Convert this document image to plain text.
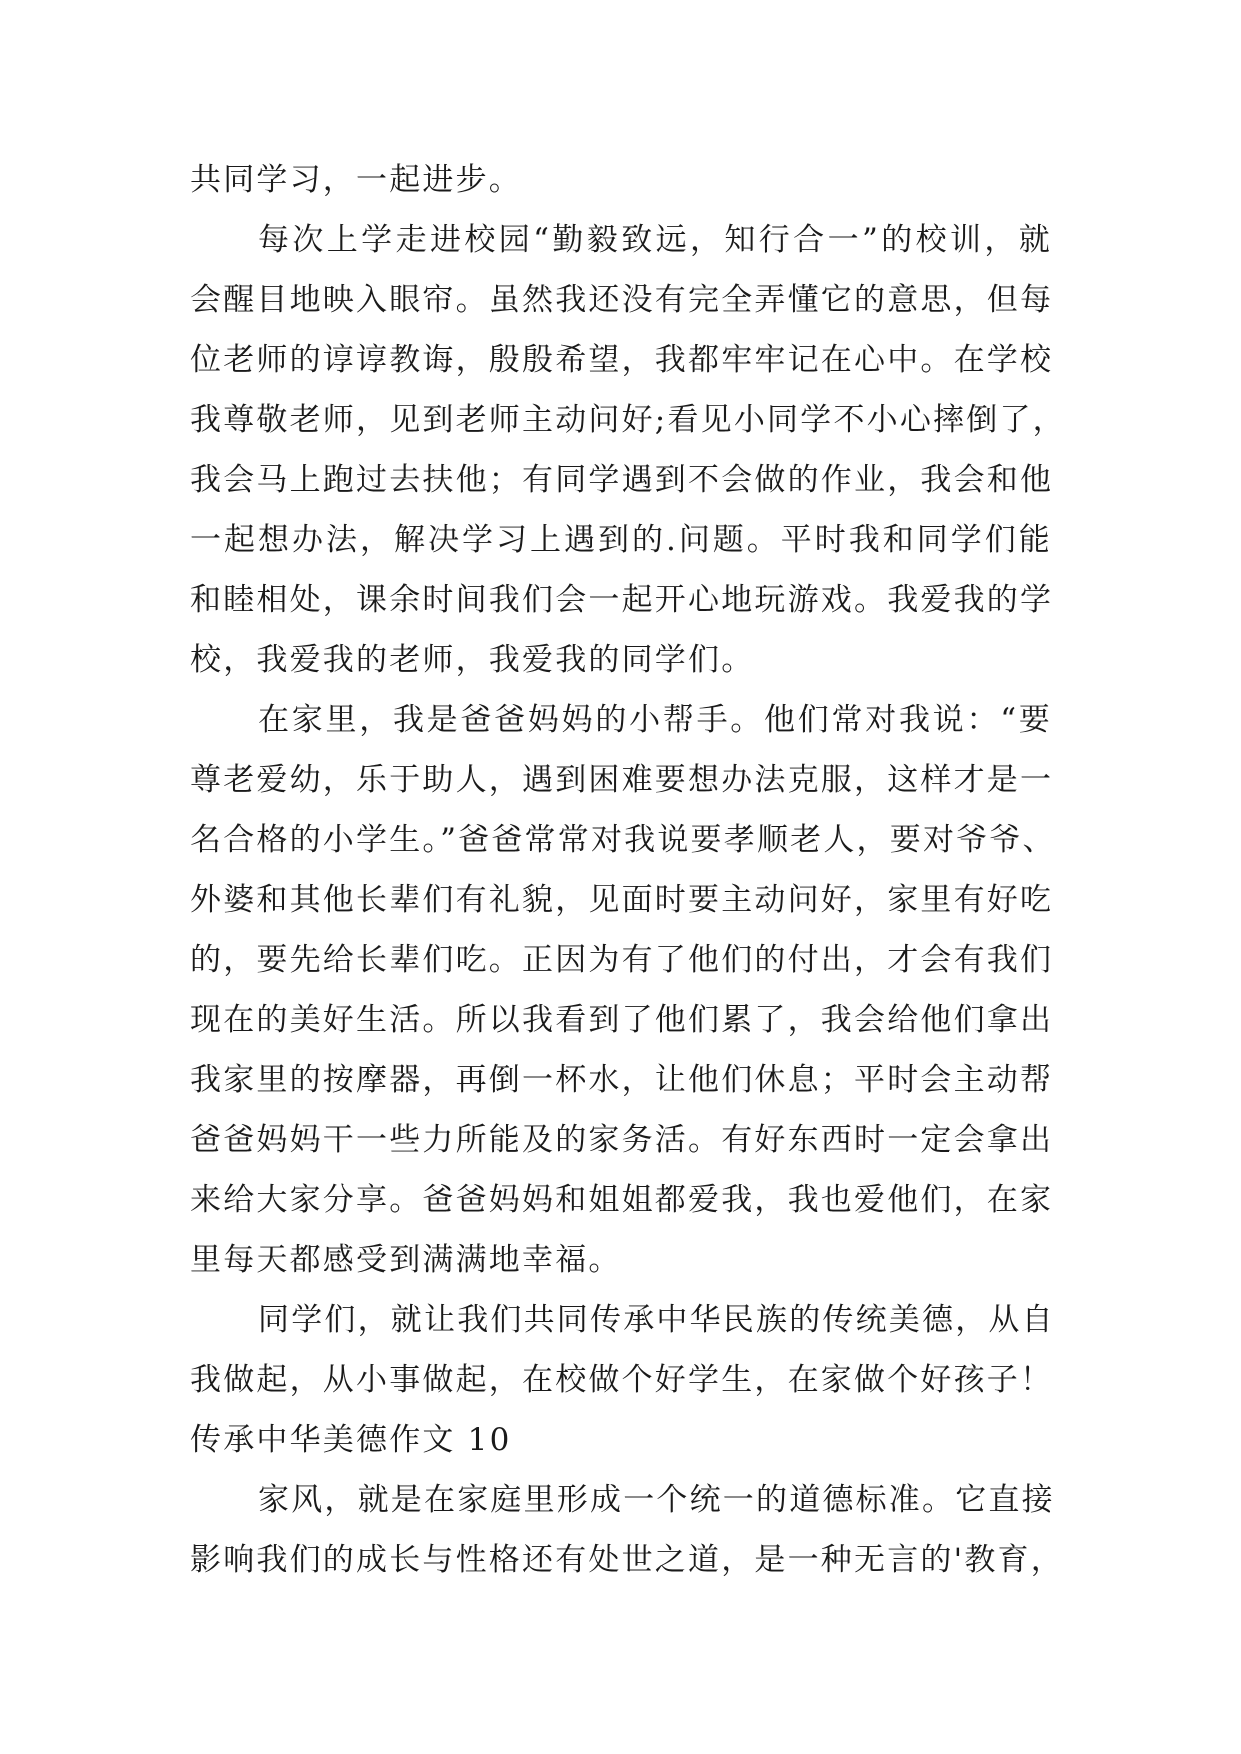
共同学习，一起进步。
每次上学走进校园“勤毅致远，知行合一”的校训，就
会醒目地映入眼帘。虽然我还没有完全弄懂它的意思，但每
位老师的谆谆教诲，殷殷希望，我都牢牢记在心中。在学校
我尊敬老师，见到老师主动问好;看见小同学不小心摔倒了，
我会马上跑过去扶他；有同学遇到不会做的作业，我会和他
一起想办法，解决学习上遇到的.问题。平时我和同学们能
和睦相处，课余时间我们会一起开心地玩游戏。我爱我的学
校，我爱我的老师，我爱我的同学们。
在家里，我是爸爸妈妈的小帮手。他们常对我说：“要
尊老爱幼，乐于助人，遇到困难要想办法克服，这样才是一
名合格的小学生。”爸爸常常对我说要孝顺老人，要对爷爷、
外婆和其他长辈们有礼貌，见面时要主动问好，家里有好吃
的，要先给长辈们吃。正因为有了他们的付出，才会有我们
现在的美好生活。所以我看到了他们累了，我会给他们拿出
我家里的按摩器，再倒一杯水，让他们休息；平时会主动帮
爸爸妈妈干一些力所能及的家务活。有好东西时一定会拿出
来给大家分享。爸爸妈妈和姐姐都爱我，我也爱他们，在家
里每天都感受到满满地幸福。
同学们，就让我们共同传承中华民族的传统美德，从自
我做起，从小事做起，在校做个好学生，在家做个好孩子！
传承中华美德作文 10
家风，就是在家庭里形成一个统一的道德标准。它直接
影响我们的成长与性格还有处世之道，是一种无言的'教育，
